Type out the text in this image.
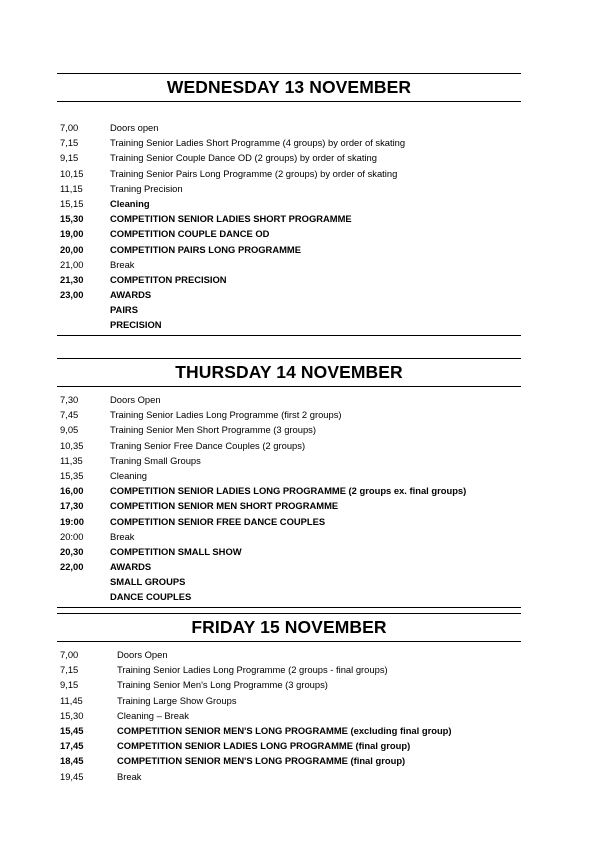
WEDNESDAY 13 NOVEMBER
7,00	Doors open
7,15	Training Senior Ladies Short Programme (4 groups) by order of skating
9,15	Training Senior Couple Dance OD (2 groups) by order of skating
10,15	Training Senior Pairs Long Programme (2 groups) by order of skating
11,15	Traning Precision
15,15	Cleaning
15,30	COMPETITION SENIOR LADIES SHORT PROGRAMME
19,00	COMPETITION COUPLE DANCE OD
20,00	COMPETITION PAIRS LONG PROGRAMME
21,00	Break
21,30	COMPETITON PRECISION
23,00	AWARDS
PAIRS
PRECISION
THURSDAY 14 NOVEMBER
7,30	Doors Open
7,45	Training Senior Ladies Long Programme (first 2 groups)
9,05	Training Senior Men Short Programme (3 groups)
10,35	Traning Senior Free Dance Couples (2 groups)
11,35	Traning Small Groups
15,35	Cleaning
16,00	COMPETITION SENIOR LADIES LONG PROGRAMME (2 groups ex. final groups)
17,30	COMPETITION SENIOR MEN SHORT PROGRAMME
19:00	COMPETITION SENIOR FREE DANCE COUPLES
20:00	Break
20,30	COMPETITION SMALL SHOW
22,00	AWARDS
SMALL GROUPS
DANCE COUPLES
FRIDAY 15 NOVEMBER
7,00	Doors Open
7,15	Training Senior Ladies Long Programme (2 groups - final groups)
9,15	Training Senior Men's Long Programme (3 groups)
11,45	Training Large Show Groups
15,30	Cleaning – Break
15,45	COMPETITION SENIOR MEN'S LONG PROGRAMME (excluding final group)
17,45	COMPETITION SENIOR LADIES LONG PROGRAMME (final group)
18,45	COMPETITION SENIOR MEN'S LONG PROGRAMME (final group)
19,45	Break
